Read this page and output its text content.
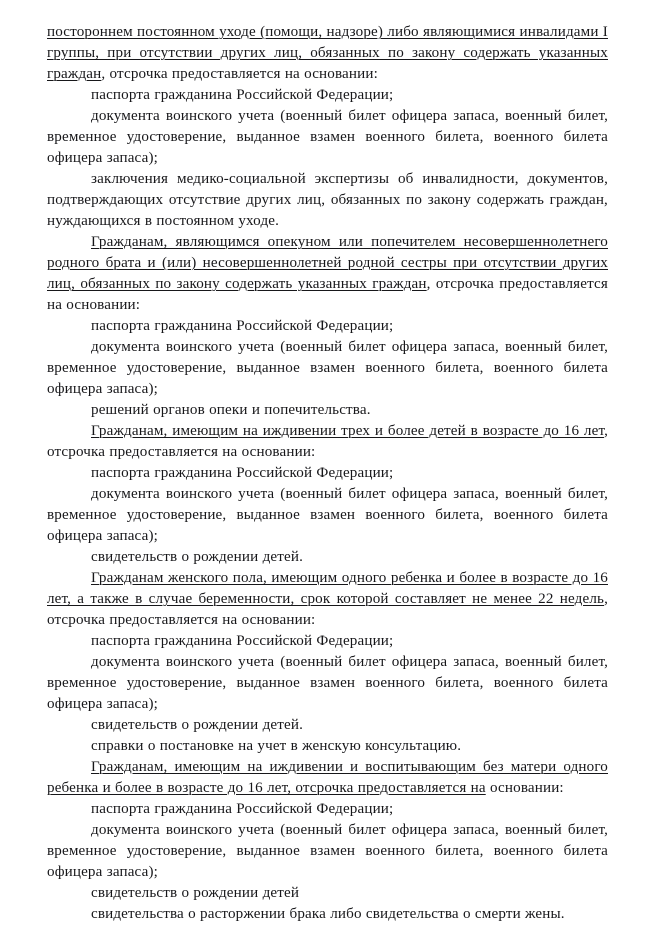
постороннем постоянном уходе (помощи, надзоре) либо являющимися инвалидами I группы, при отсутствии других лиц, обязанных по закону содержать указанных граждан, отсрочка предоставляется на основании:

паспорта гражданина Российской Федерации;

документа воинского учета (военный билет офицера запаса, военный билет, временное удостоверение, выданное взамен военного билета, военного билета офицера запаса);

заключения медико-социальной экспертизы об инвалидности, документов, подтверждающих отсутствие других лиц, обязанных по закону содержать граждан, нуждающихся в постоянном уходе.

Гражданам, являющимся опекуном или попечителем несовершеннолетнего родного брата и (или) несовершеннолетней родной сестры при отсутствии других лиц, обязанных по закону содержать указанных граждан, отсрочка предоставляется на основании:

паспорта гражданина Российской Федерации;

документа воинского учета (военный билет офицера запаса, военный билет, временное удостоверение, выданное взамен военного билета, военного билета офицера запаса);

решений органов опеки и попечительства.

Гражданам, имеющим на иждивении трех и более детей в возрасте до 16 лет, отсрочка предоставляется на основании:

паспорта гражданина Российской Федерации;

документа воинского учета (военный билет офицера запаса, военный билет, временное удостоверение, выданное взамен военного билета, военного билета офицера запаса);

свидетельств о рождении детей.

Гражданам женского пола, имеющим одного ребенка и более в возрасте до 16 лет, а также в случае беременности, срок которой составляет не менее 22 недель, отсрочка предоставляется на основании:

паспорта гражданина Российской Федерации;

документа воинского учета (военный билет офицера запаса, военный билет, временное удостоверение, выданное взамен военного билета, военного билета офицера запаса);

свидетельств о рождении детей.

справки о постановке на учет в женскую консультацию.

Гражданам, имеющим на иждивении и воспитывающим без матери одного ребенка и более в возрасте до 16 лет, отсрочка предоставляется на основании:

паспорта гражданина Российской Федерации;

документа воинского учета (военный билет офицера запаса, военный билет, временное удостоверение, выданное взамен военного билета, военного билета офицера запаса);

свидетельств о рождении детей

свидетельства о расторжении брака либо свидетельства о смерти жены.
